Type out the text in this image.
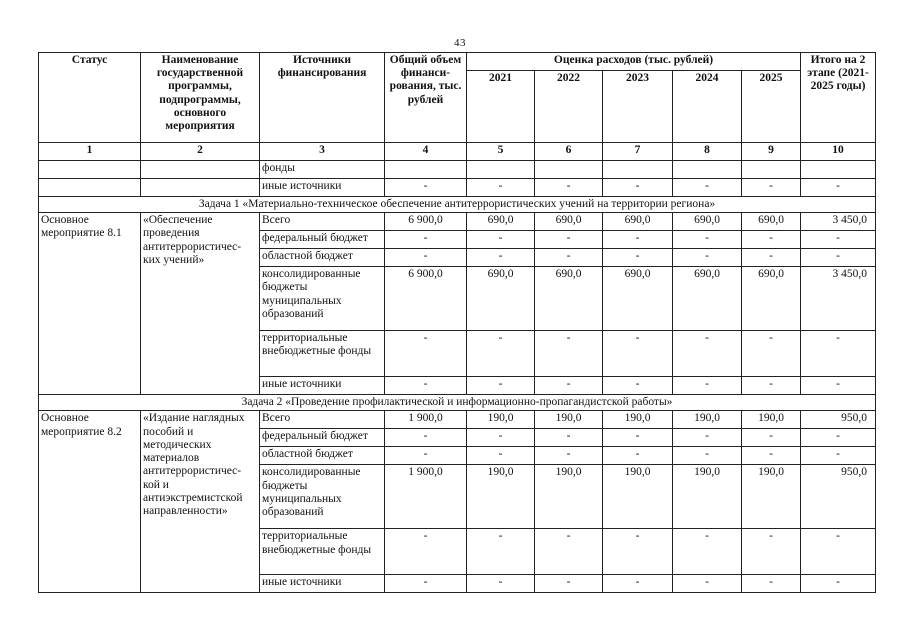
43
Статус	Наименование государственной программы, подпрограммы, основного мероприятия	Источники финансирования	Общий объем финанси-рования, тыс. рублей	Оценка расходов (тыс. рублей)					Итого на 2 этапе (2021-2025 годы)
				2021	2022	2023	2024	2025	
1	2	3	4	5	6	7	8	9	10
		фонды							
		иные источники	-	-	-	-	-	-	-
Задача 1 «Материально-техническое обеспечение антитеррористических учений на территории региона»									
Основное мероприятие 8.1	«Обеспечение проведения антитеррористичес-ких учений»	Всего	6 900,0	690,0	690,0	690,0	690,0	690,0	3 450,0
		федеральный бюджет	-	-	-	-	-	-	-
		областной бюджет	-	-	-	-	-	-	-
		консолидированные бюджеты муниципальных образований	6 900,0	690,0	690,0	690,0	690,0	690,0	3 450,0
		территориальные внебюджетные фонды	-	-	-	-	-	-	-
		иные источники	-	-	-	-	-	-	-
Задача 2 «Проведение профилактической и информационно-пропагандистской работы»									
Основное мероприятие 8.2	«Издание наглядных пособий и методических материалов антитеррористичес-кой и антиэкстремистской направленности»	Всего	1 900,0	190,0	190,0	190,0	190,0	190,0	950,0
		федеральный бюджет	-	-	-	-	-	-	-
		областной бюджет	-	-	-	-	-	-	-
		консолидированные бюджеты муниципальных образований	1 900,0	190,0	190,0	190,0	190,0	190,0	950,0
		территориальные внебюджетные фонды	-	-	-	-	-	-	-
		иные источники	-	-	-	-	-	-	-
